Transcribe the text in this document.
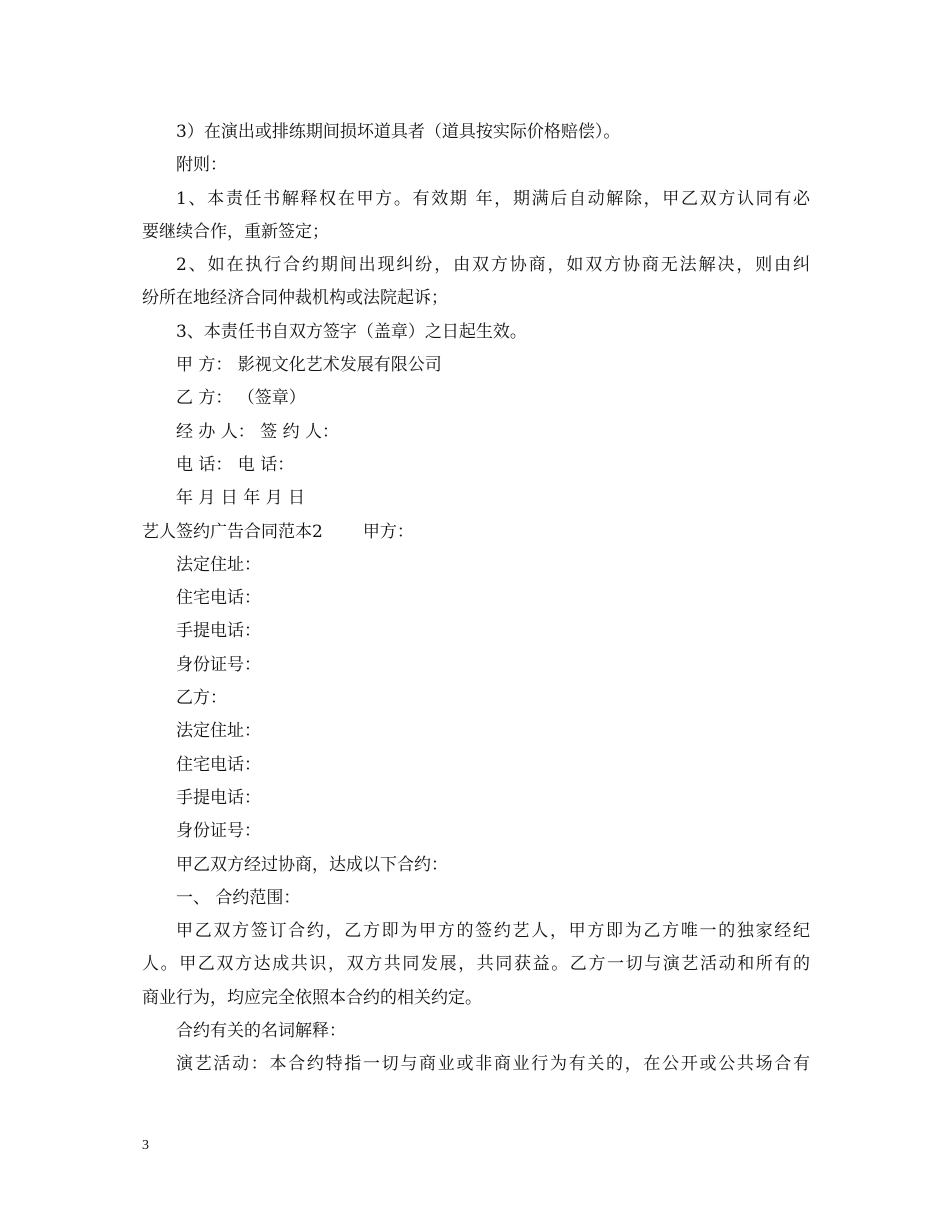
3）在演出或排练期间损坏道具者（道具按实际价格赔偿）。
附则：
1、本责任书解释权在甲方。有效期 年，期满后自动解除，甲乙双方认同有必
要继续合作，重新签定；
2、如在执行合约期间出现纠纷，由双方协商，如双方协商无法解决，则由纠
纷所在地经济合同仲裁机构或法院起诉；
3、本责任书自双方签字（盖章）之日起生效。
甲 方： 影视文化艺术发展有限公司
乙 方： （签章）
经 办 人： 签 约 人：
电 话： 电 话：
年 月 日 年 月 日
艺人签约广告合同范本2 甲方：
法定住址：
住宅电话：
手提电话：
身份证号：
乙方：
法定住址：
住宅电话：
手提电话：
身份证号：
甲乙双方经过协商，达成以下合约：
一、 合约范围：
甲乙双方签订合约，乙方即为甲方的签约艺人，甲方即为乙方唯一的独家经纪
人。甲乙双方达成共识，双方共同发展，共同获益。乙方一切与演艺活动和所有的
商业行为，均应完全依照本合约的相关约定。
合约有关的名词解释：
演艺活动：本合约特指一切与商业或非商业行为有关的，在公开或公共场合有
3
